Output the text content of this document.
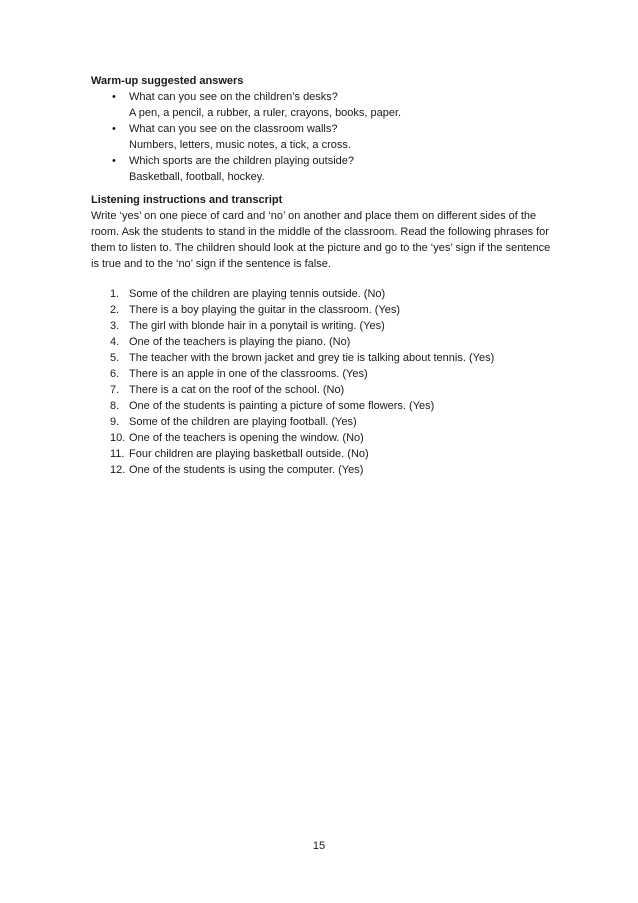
Warm-up suggested answers

• What can you see on the children’s desks?
A pen, a pencil, a rubber, a ruler, crayons, books, paper.
• What can you see on the classroom walls?
Numbers, letters, music notes, a tick, a cross.
• Which sports are the children playing outside?
Basketball, football, hockey.

Listening instructions and transcript

Write ‘yes’ on one piece of card and ‘no’ on another and place them on different sides of the room. Ask the students to stand in the middle of the classroom. Read the following phrases for them to listen to. The children should look at the picture and go to the ‘yes’ sign if the sentence is true and to the ‘no’ sign if the sentence is false.

1. Some of the children are playing tennis outside. (No)
2. There is a boy playing the guitar in the classroom. (Yes)
3. The girl with blonde hair in a ponytail is writing. (Yes)
4. One of the teachers is playing the piano. (No)
5. The teacher with the brown jacket and grey tie is talking about tennis. (Yes)
6. There is an apple in one of the classrooms. (Yes)
7. There is a cat on the roof of the school. (No)
8. One of the students is painting a picture of some flowers. (Yes)
9. Some of the children are playing football. (Yes)
10. One of the teachers is opening the window. (No)
11. Four children are playing basketball outside. (No)
12. One of the students is using the computer. (Yes)
15
